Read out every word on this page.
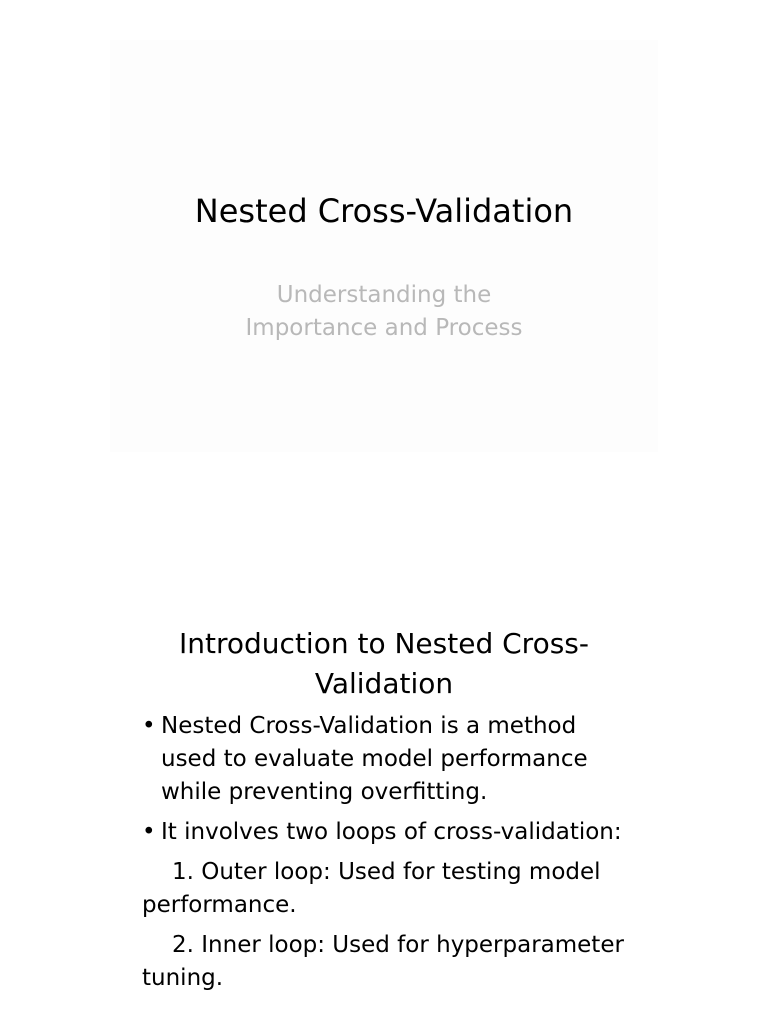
Nested Cross-Validation
Understanding the
Importance and Process
Introduction to Nested Cross-Validation
• Nested Cross-Validation is a method used to evaluate model performance while preventing overfitting.
• It involves two loops of cross-validation:
1. Outer loop: Used for testing model performance.
2. Inner loop: Used for hyperparameter tuning.
